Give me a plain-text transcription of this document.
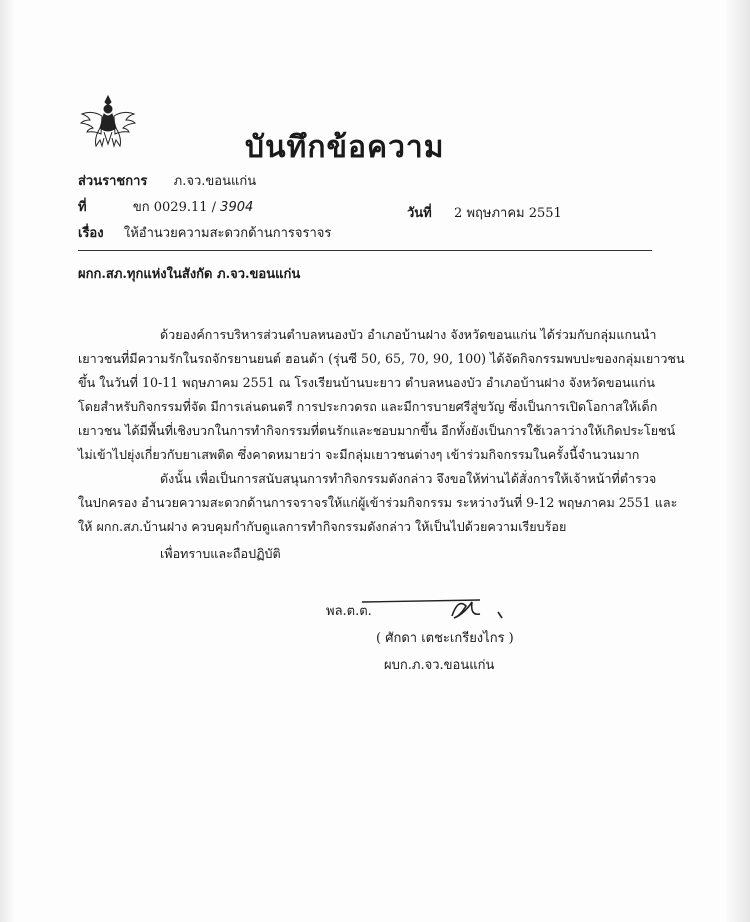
บันทึกข้อความ
ส่วนราชการ ภ.จว.ขอนแก่น
ที่	ขก 0029.11 / 3904	วันที่ 2 พฤษภาคม 2551
เรื่อง ให้อำนวยความสะดวกด้านการจราจร
ผกก.สภ.ทุกแห่งในสังกัด ภ.จว.ขอนแก่น
ด้วยองค์การบริหารส่วนตำบลหนองบัว อำเภอบ้านฝาง จังหวัดขอนแก่น ได้ร่วมกับกลุ่มแกนนำ
เยาวชนที่มีความรักในรถจักรยานยนต์ ฮอนด้า (รุ่นซี 50, 65, 70, 90, 100) ได้จัดกิจกรรมพบปะของกลุ่มเยาวชน
ขึ้น ในวันที่ 10-11 พฤษภาคม 2551 ณ โรงเรียนบ้านบะยาว ตำบลหนองบัว อำเภอบ้านฝาง จังหวัดขอนแก่น
โดยสำหรับกิจกรรมที่จัด มีการเล่นดนตรี การประกวดรถ และมีการบายศรีสู่ขวัญ ซึ่งเป็นการเปิดโอกาสให้เด็ก
เยาวชน ได้มีพื้นที่เชิงบวกในการทำกิจกรรมที่ตนรักและชอบมากขึ้น อีกทั้งยังเป็นการใช้เวลาว่างให้เกิดประโยชน์
ไม่เข้าไปยุ่งเกี่ยวกับยาเสพติด ซึ่งคาดหมายว่า จะมีกลุ่มเยาวชนต่างๆ เข้าร่วมกิจกรรมในครั้งนี้จำนวนมาก
ดังนั้น เพื่อเป็นการสนับสนุนการทำกิจกรรมดังกล่าว จึงขอให้ท่านได้สั่งการให้เจ้าหน้าที่ตำรวจ
ในปกครอง อำนวยความสะดวกด้านการจราจรให้แก่ผู้เข้าร่วมกิจกรรม ระหว่างวันที่ 9-12 พฤษภาคม 2551 และ
ให้ ผกก.สภ.บ้านฝาง ควบคุมกำกับดูแลการทำกิจกรรมดังกล่าว ให้เป็นไปด้วยความเรียบร้อย
เพื่อทราบและถือปฏิบัติ
พล.ต.ต.
( ศักดา เตชะเกรียงไกร )
ผบก.ภ.จว.ขอนแก่น
